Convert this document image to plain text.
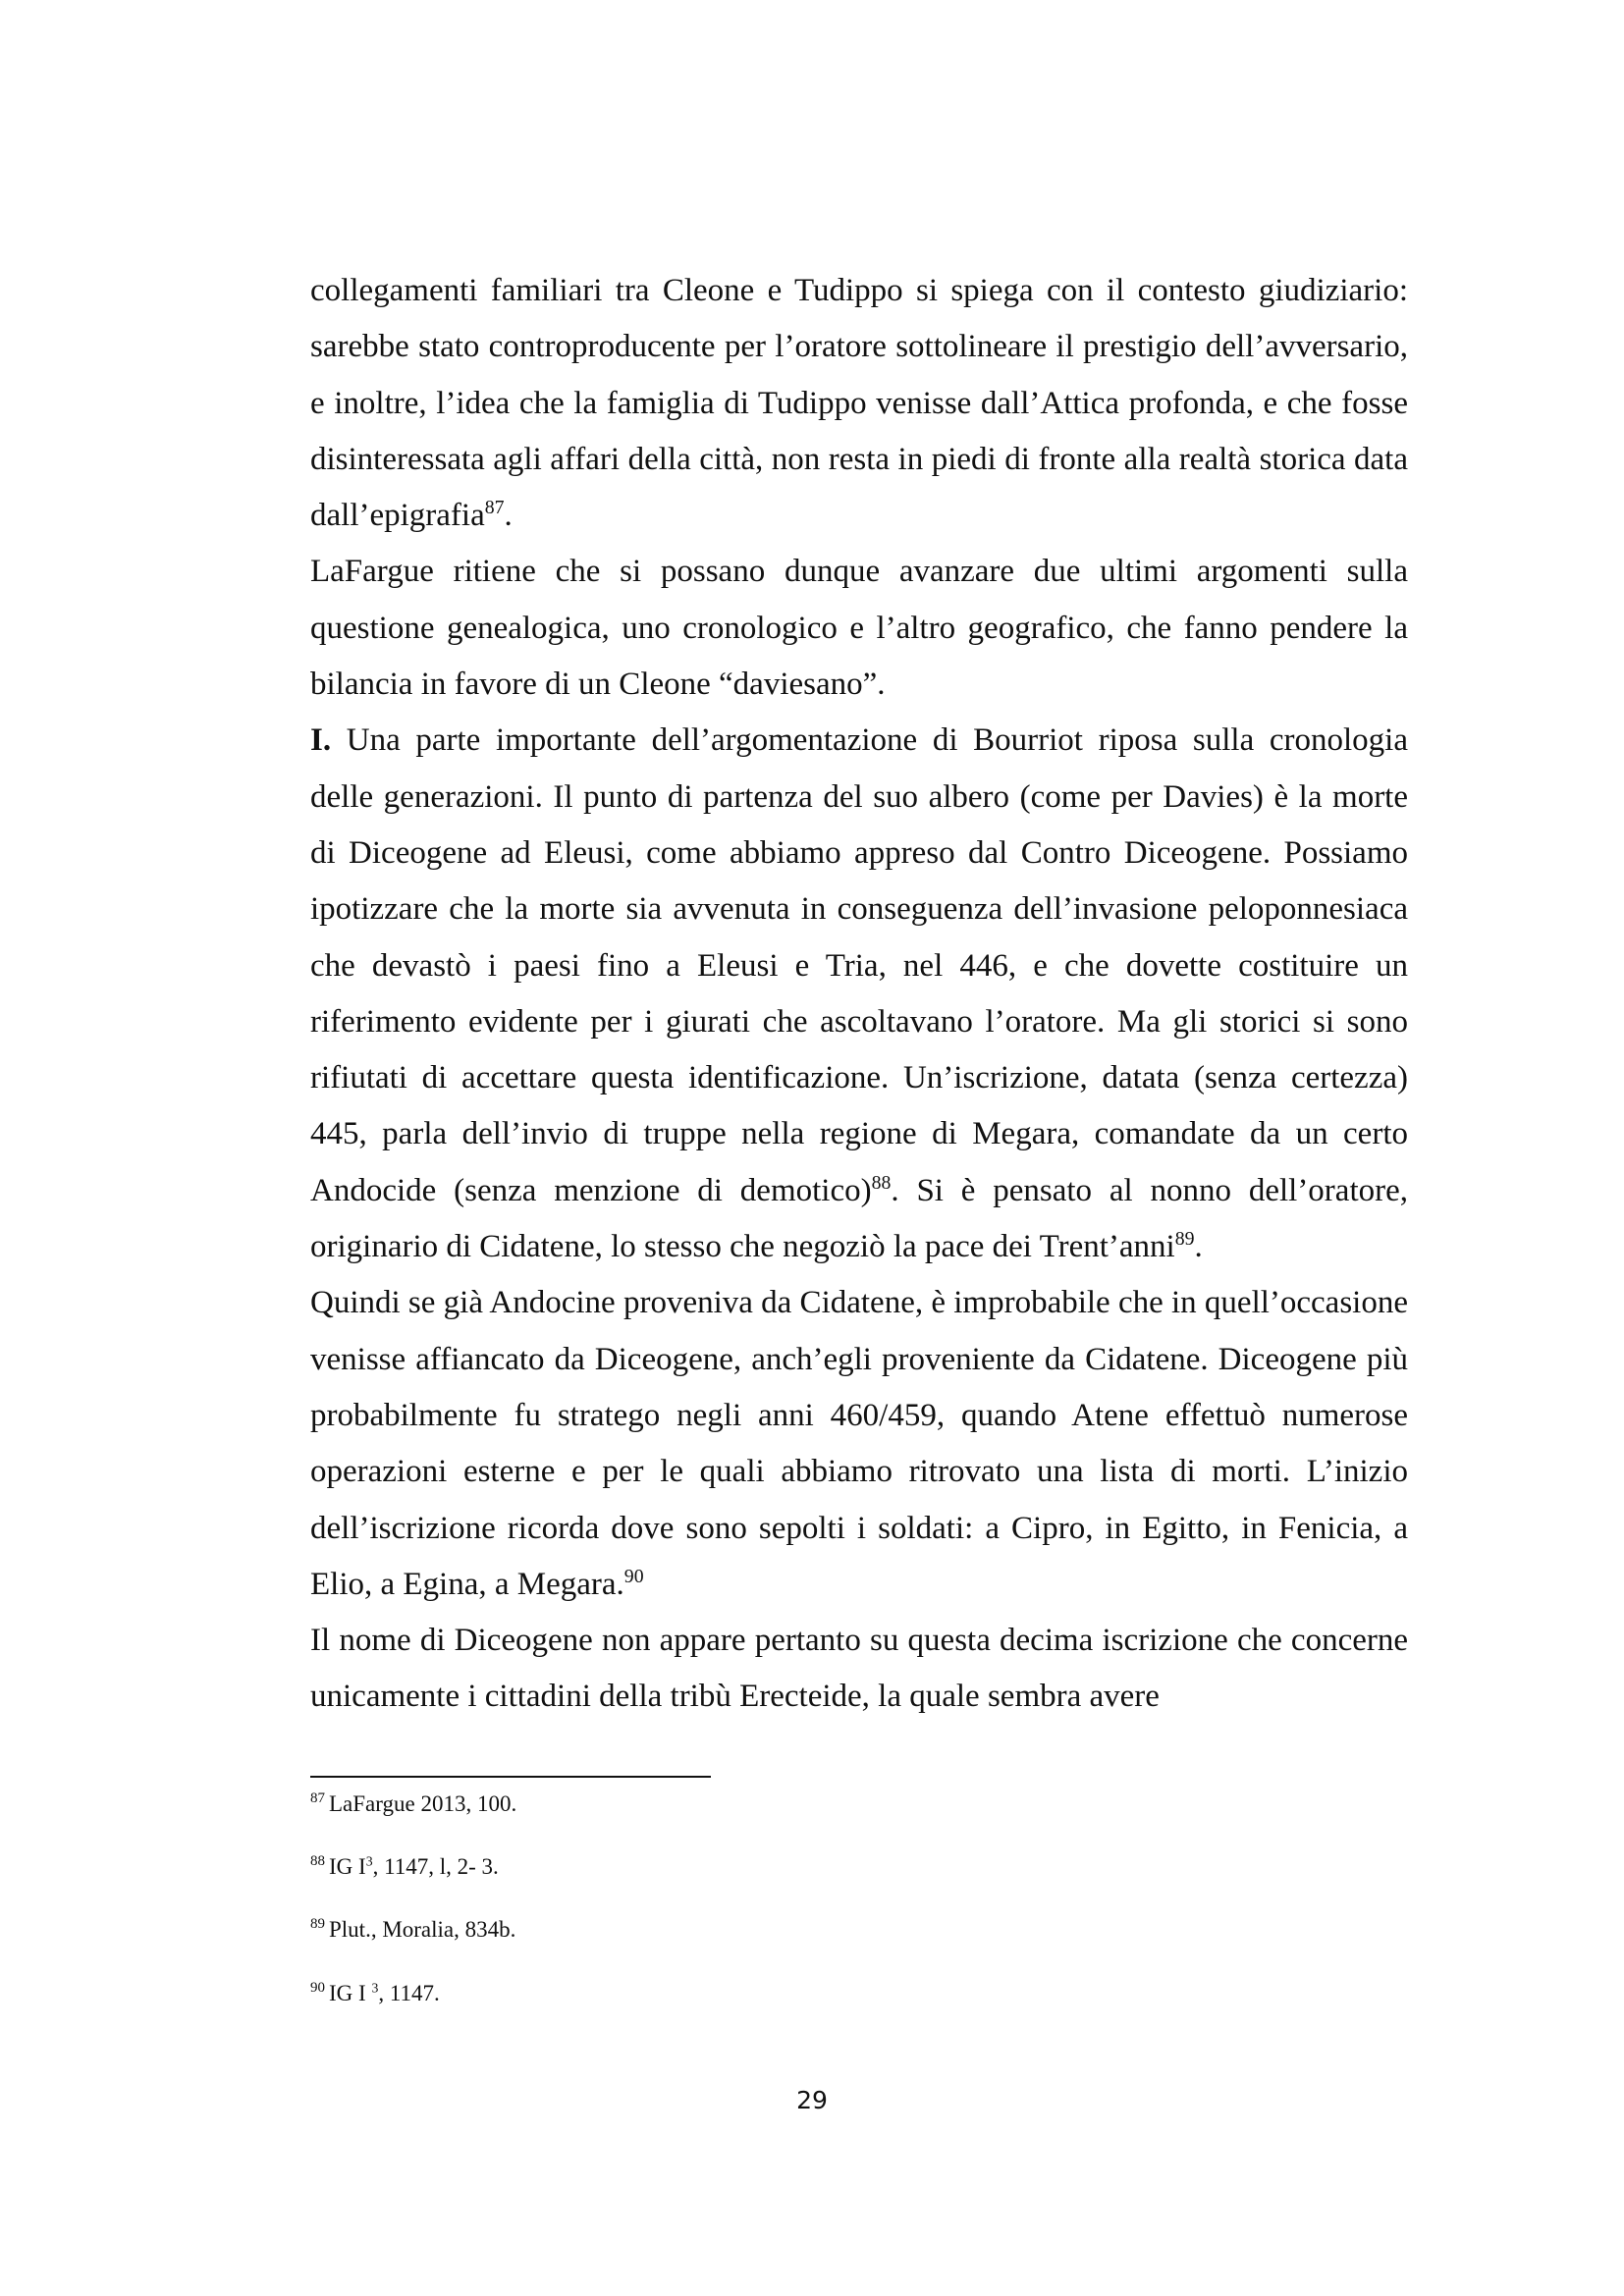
collegamenti familiari tra Cleone e Tudippo si spiega con il contesto giudiziario: sarebbe stato controproducente per l’oratore sottolineare il prestigio dell’avversario, e inoltre, l’idea che la famiglia di Tudippo venisse dall’Attica profonda, e che fosse disinteressata agli affari della città, non resta in piedi di fronte alla realtà storica data dall’epigrafia$^{87}$.

LaFargue ritiene che si possano dunque avanzare due ultimi argomenti sulla questione genealogica, uno cronologico e l’altro geografico, che fanno pendere la bilancia in favore di un Cleone “daviesano”.

I. Una parte importante dell’argomentazione di Bourriot riposa sulla cronologia delle generazioni. Il punto di partenza del suo albero (come per Davies) è la morte di Diceogene ad Eleusi, come abbiamo appreso dal Contro Diceogene. Possiamo ipotizzare che la morte sia avvenuta in conseguenza dell’invasione peloponnesiaca che devastò i paesi fino a Eleusi e Tria, nel 446, e che dovette costituire un riferimento evidente per i giurati che ascoltavano l’oratore. Ma gli storici si sono rifiutati di accettare questa identificazione. Un’iscrizione, datata (senza certezza) 445, parla dell’invio di truppe nella regione di Megara, comandate da un certo Andocide (senza menzione di demotico)$^{88}$. Si è pensato al nonno dell’oratore, originario di Cidatene, lo stesso che negoziò la pace dei Trent’anni$^{89}$.

Quindi se già Andocine proveniva da Cidatene, è improbabile che in quell’occasione venisse affiancato da Diceogene, anch’egli proveniente da Cidatene. Diceogene più probabilmente fu stratego negli anni 460/459, quando Atene effettuò numerose operazioni esterne e per le quali abbiamo ritrovato una lista di morti. L’inizio dell’iscrizione ricorda dove sono sepolti i soldati: a Cipro, in Egitto, in Fenicia, a Elio, a Egina, a Megara.$^{90}$

Il nome di Diceogene non appare pertanto su questa decima iscrizione che concerne unicamente i cittadini della tribù Erecteide, la quale sembra avere

$^{87}$ LaFargue 2013, 100.
$^{88}$ IG $I^3$, 1147, l, 2- 3.
$^{89}$ Plut., Moralia, 834b.
$^{90}$ IG I $^3$, 1147.
29
